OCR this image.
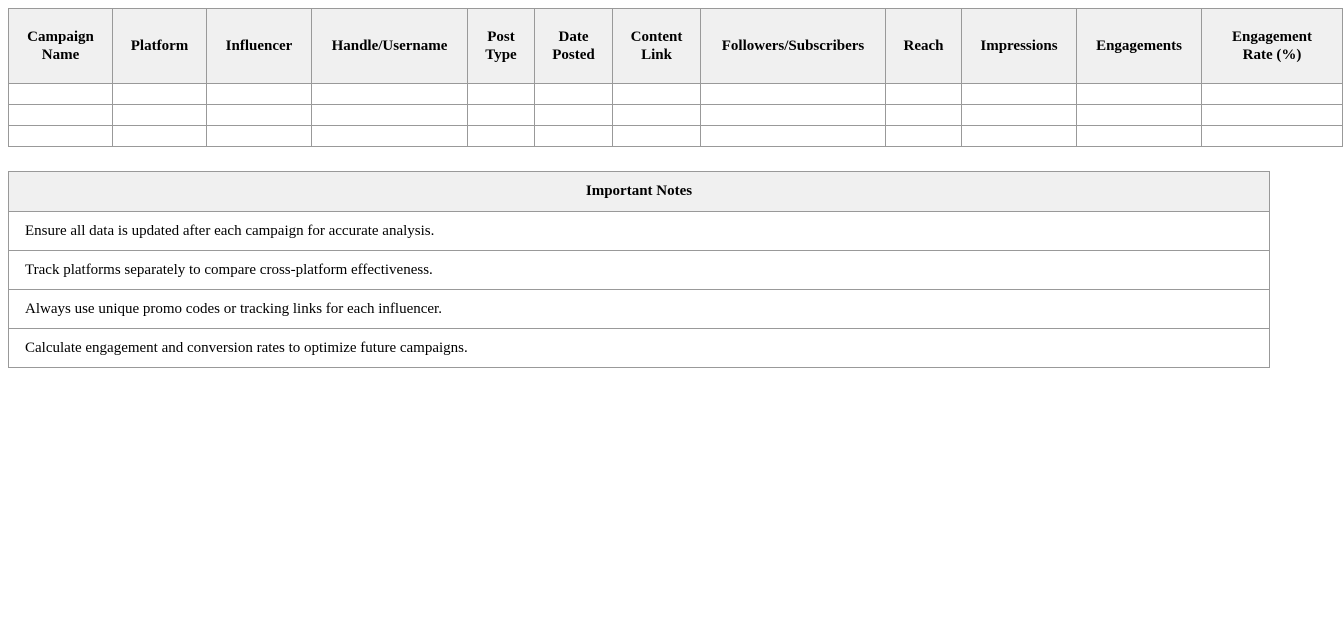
Campaign Name	Platform	Influencer	Handle/Username	Post Type	Date Posted	Content Link	Followers/Subscribers	Reach	Impressions	Engagements	Engagement Rate (%)

Important Notes
Ensure all data is updated after each campaign for accurate analysis.
Track platforms separately to compare cross-platform effectiveness.
Always use unique promo codes or tracking links for each influencer.
Calculate engagement and conversion rates to optimize future campaigns.
